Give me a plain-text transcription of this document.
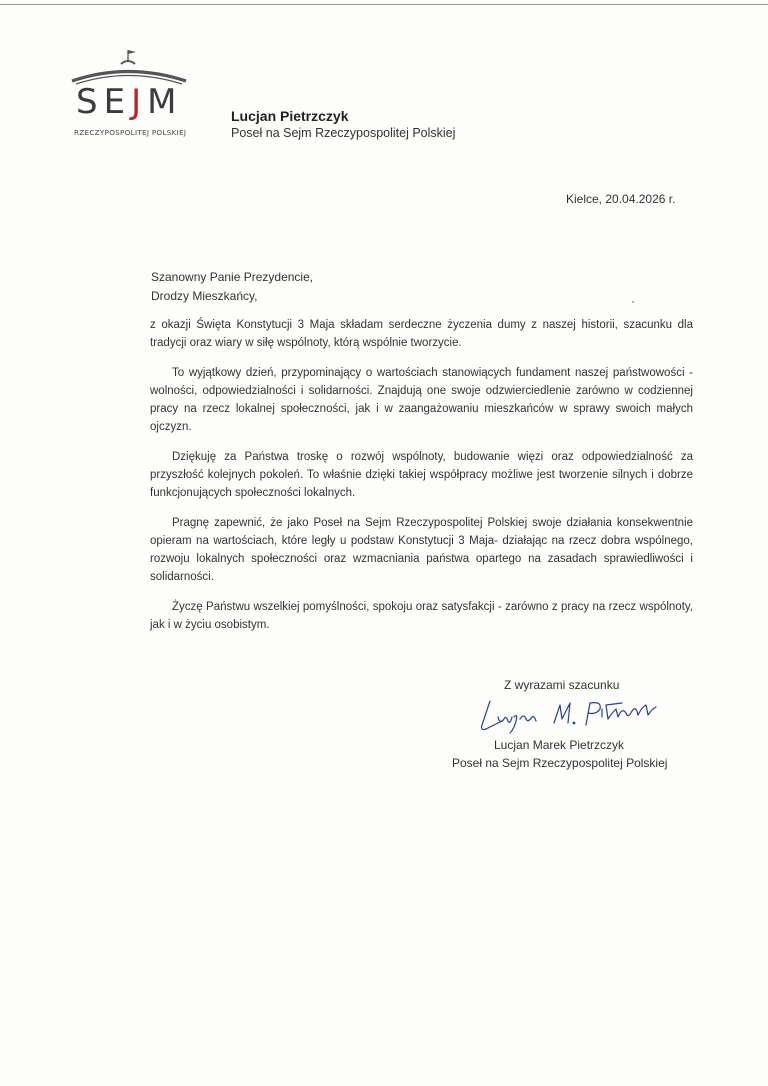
SEJM
RZECZYPOSPOLITEJ POLSKIEJ
Lucjan Pietrzczyk
Poseł na Sejm Rzeczypospolitej Polskiej
Kielce, 20.04.2026 r.
Szanowny Panie Prezydencie,
Drodzy Mieszkańcy,

z okazji Święta Konstytucji 3 Maja składam serdeczne życzenia dumy z naszej historii, szacunku dla tradycji oraz wiary w siłę wspólnoty, którą wspólnie tworzycie.

To wyjątkowy dzień, przypominający o wartościach stanowiących fundament naszej państwowości - wolności, odpowiedzialności i solidarności. Znajdują one swoje odzwierciedlenie zarówno w codziennej pracy na rzecz lokalnej społeczności, jak i w zaangażowaniu mieszkańców w sprawy swoich małych ojczyzn.

Dziękuję za Państwa troskę o rozwój wspólnoty, budowanie więzi oraz odpowiedzialność za przyszłość kolejnych pokoleń. To właśnie dzięki takiej współpracy możliwe jest tworzenie silnych i dobrze funkcjonujących społeczności lokalnych.

Pragnę zapewnić, że jako Poseł na Sejm Rzeczypospolitej Polskiej swoje działania konsekwentnie opieram na wartościach, które legły u podstaw Konstytucji 3 Maja- działając na rzecz dobra wspólnego, rozwoju lokalnych społeczności oraz wzmacniania państwa opartego na zasadach sprawiedliwości i solidarności.

Życzę Państwu wszelkiej pomyślności, spokoju oraz satysfakcji - zarówno z pracy na rzecz wspólnoty, jak i w życiu osobistym.

Z wyrazami szacunku
Lucjan Marek Pietrzczyk
Poseł na Sejm Rzeczypospolitej Polskiej
